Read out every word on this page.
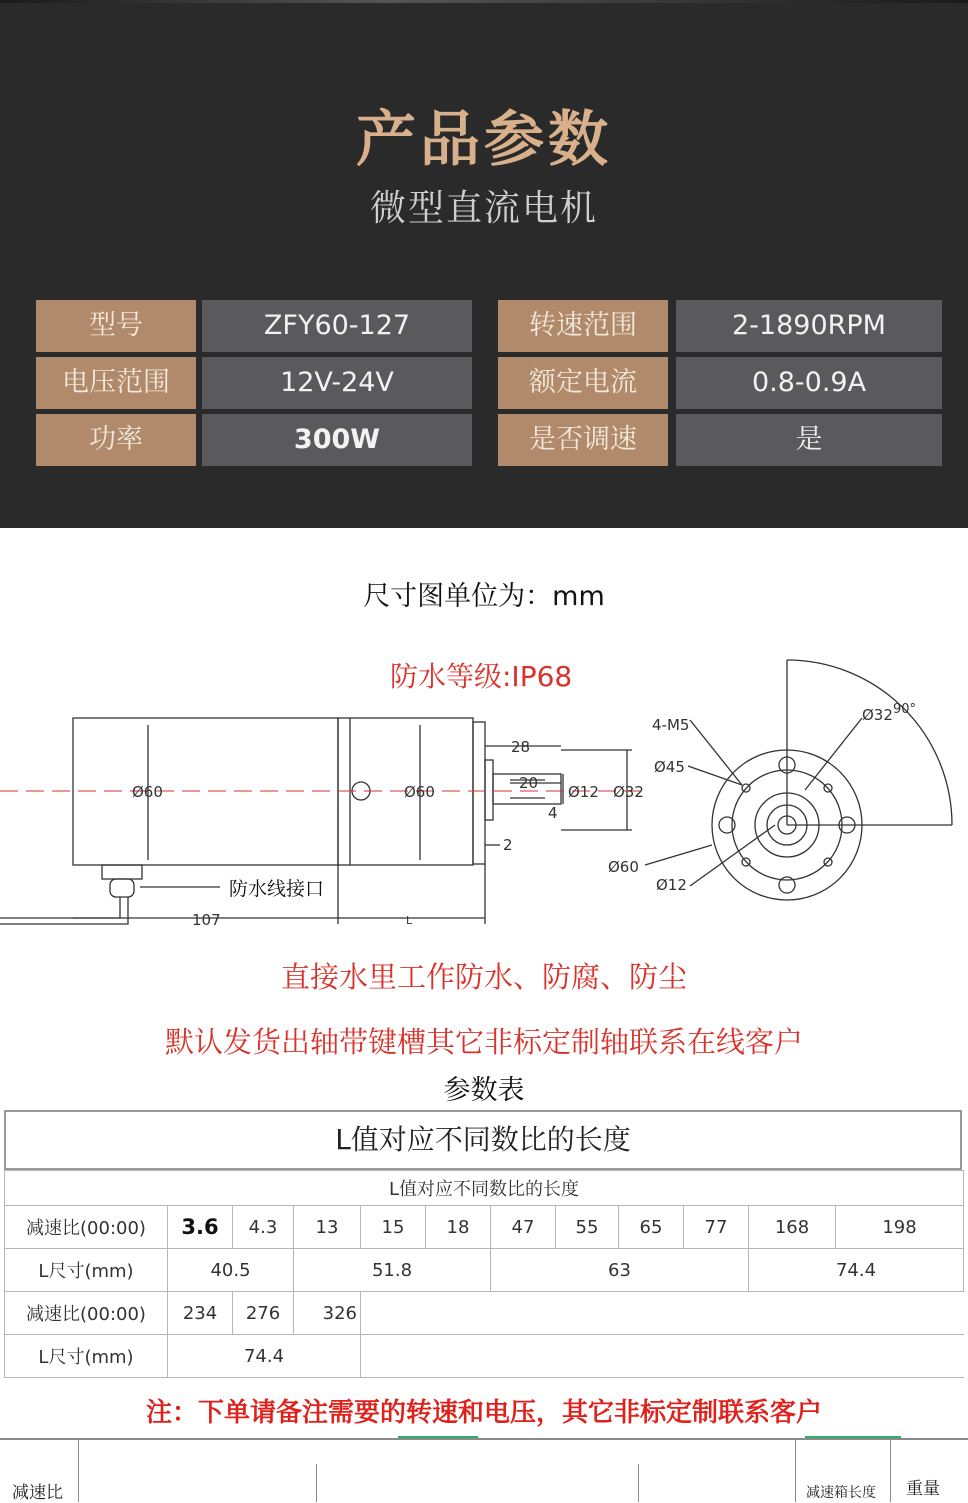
产品参数
微型直流电机
型号	ZFY60-127	转速范围	2-1890RPM
电压范围	12V-24V	额定电流	0.8-0.9A
功率	300W	是否调速	是
尺寸图单位为：mm
防水等级:IP68
Ø60	Ø60
28
20
4
Ø12 Ø32
2
107	L
防水线接口
4-M5
Ø32 90°
Ø45
Ø60
Ø12
直接水里工作防水、防腐、防尘
默认发货出轴带键槽其它非标定制轴联系在线客户
参数表
L值对应不同数比的长度
L值对应不同数比的长度											
减速比(00:00)	3.6	4.3	13	15	18	47	55	65	77	168	198
L尺寸(mm)	40.5		51.8			63				74.4	
减速比(00:00)	234	276	326								
L尺寸(mm)	74.4										
注：下单请备注需要的转速和电压，其它非标定制联系客户
减速比	减速箱长度 重量
